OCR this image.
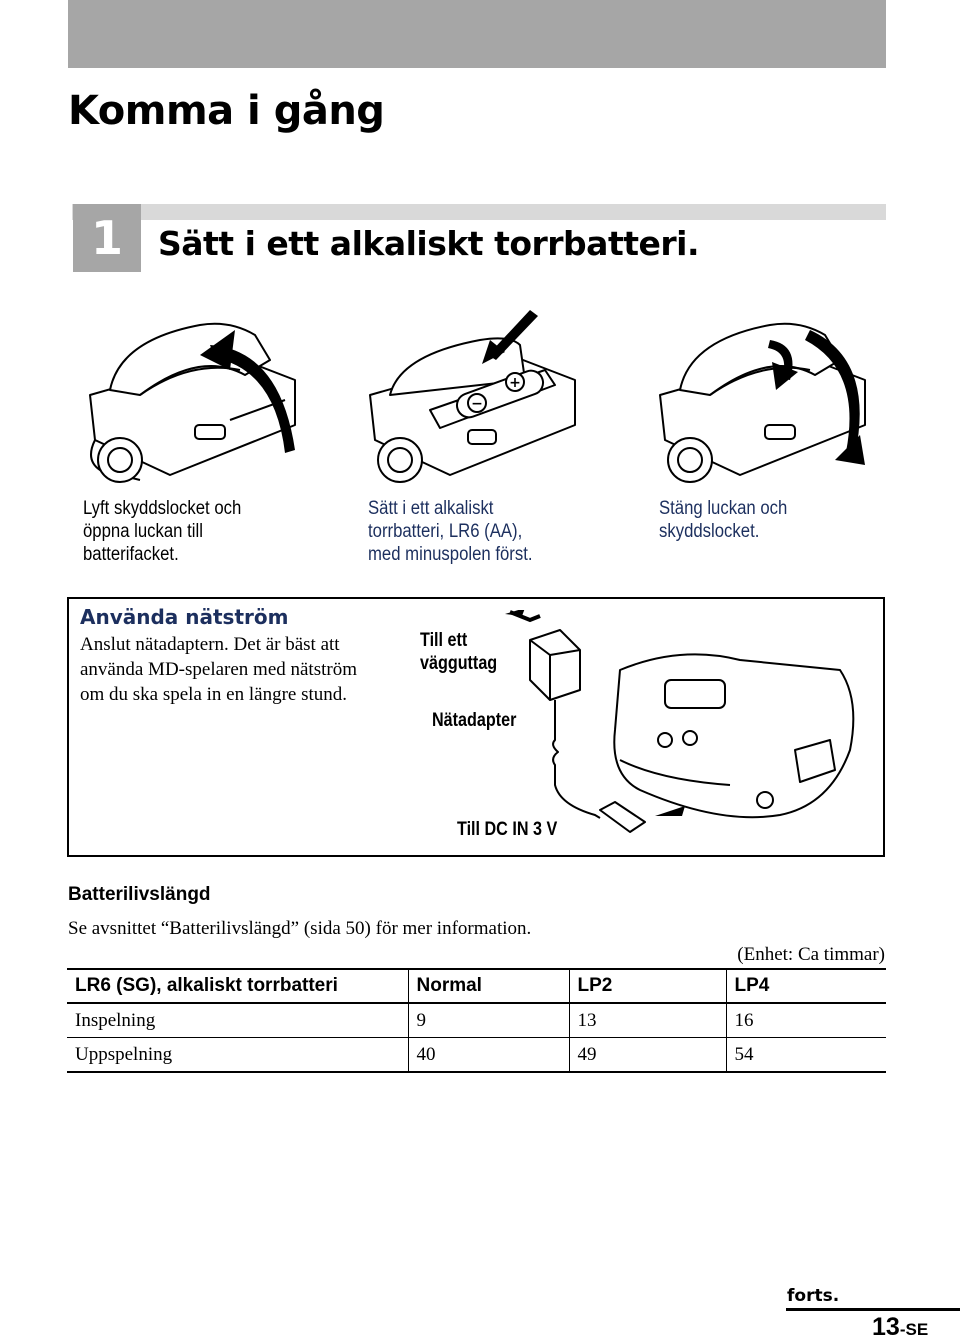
Komma i gång
1	Sätt i ett alkaliskt torrbatteri.
−
+
Lyft skyddslocket och
öppna luckan till
batterifacket.
Sätt i ett alkaliskt
torrbatteri, LR6 (AA),
med minuspolen först.
Stäng luckan och
skyddslocket.
Använda nätström
Anslut nätadaptern. Det är bäst att använda MD-spelaren med nätström om du ska spela in en längre stund.
Till ett
vägguttag
Nätadapter
Till DC IN 3 V
Batterilivslängd
Se avsnittet “Batterilivslängd” (sida 50) för mer information.
(Enhet: Ca timmar)
LR6 (SG), alkaliskt torrbatteri	Normal	LP2	LP4
Inspelning	9	13	16
Uppspelning	40	49	54
forts.
13-SE
